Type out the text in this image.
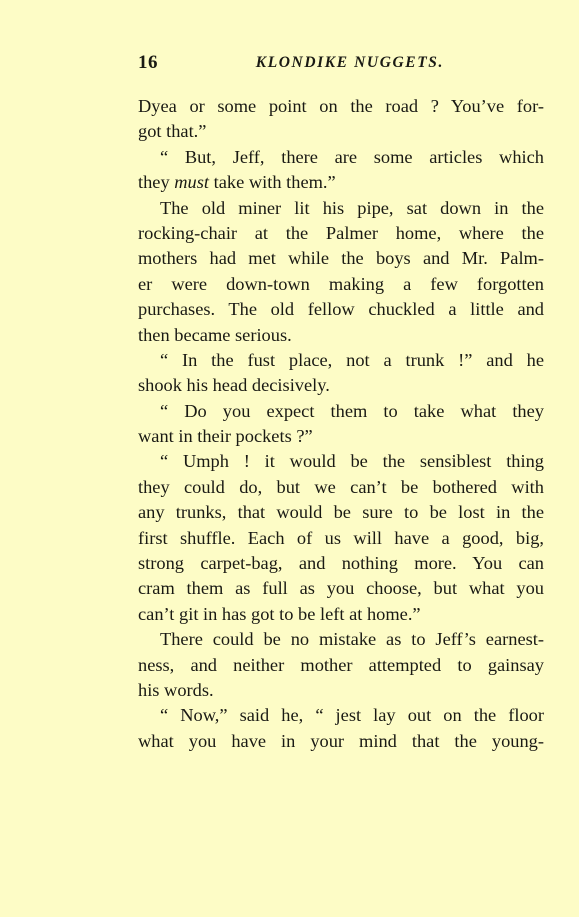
16	KLONDIKE NUGGETS.
Dyea or some point on the road ? You’ve for-
got that.”
“ But, Jeff, there are some articles which
they must take with them.”
The old miner lit his pipe, sat down in the
rocking-chair at the Palmer home, where the
mothers had met while the boys and Mr. Palm-
er were down-town making a few forgotten
purchases. The old fellow chuckled a little and
then became serious.
“ In the fust place, not a trunk !” and he
shook his head decisively.
“ Do you expect them to take what they
want in their pockets ?”
“ Umph ! it would be the sensiblest thing
they could do, but we can’t be bothered with
any trunks, that would be sure to be lost in the
first shuffle. Each of us will have a good, big,
strong carpet-bag, and nothing more. You can
cram them as full as you choose, but what you
can’t git in has got to be left at home.”
There could be no mistake as to Jeff’s earnest-
ness, and neither mother attempted to gainsay
his words.
“ Now,” said he, “ jest lay out on the floor
what you have in your mind that the young-
